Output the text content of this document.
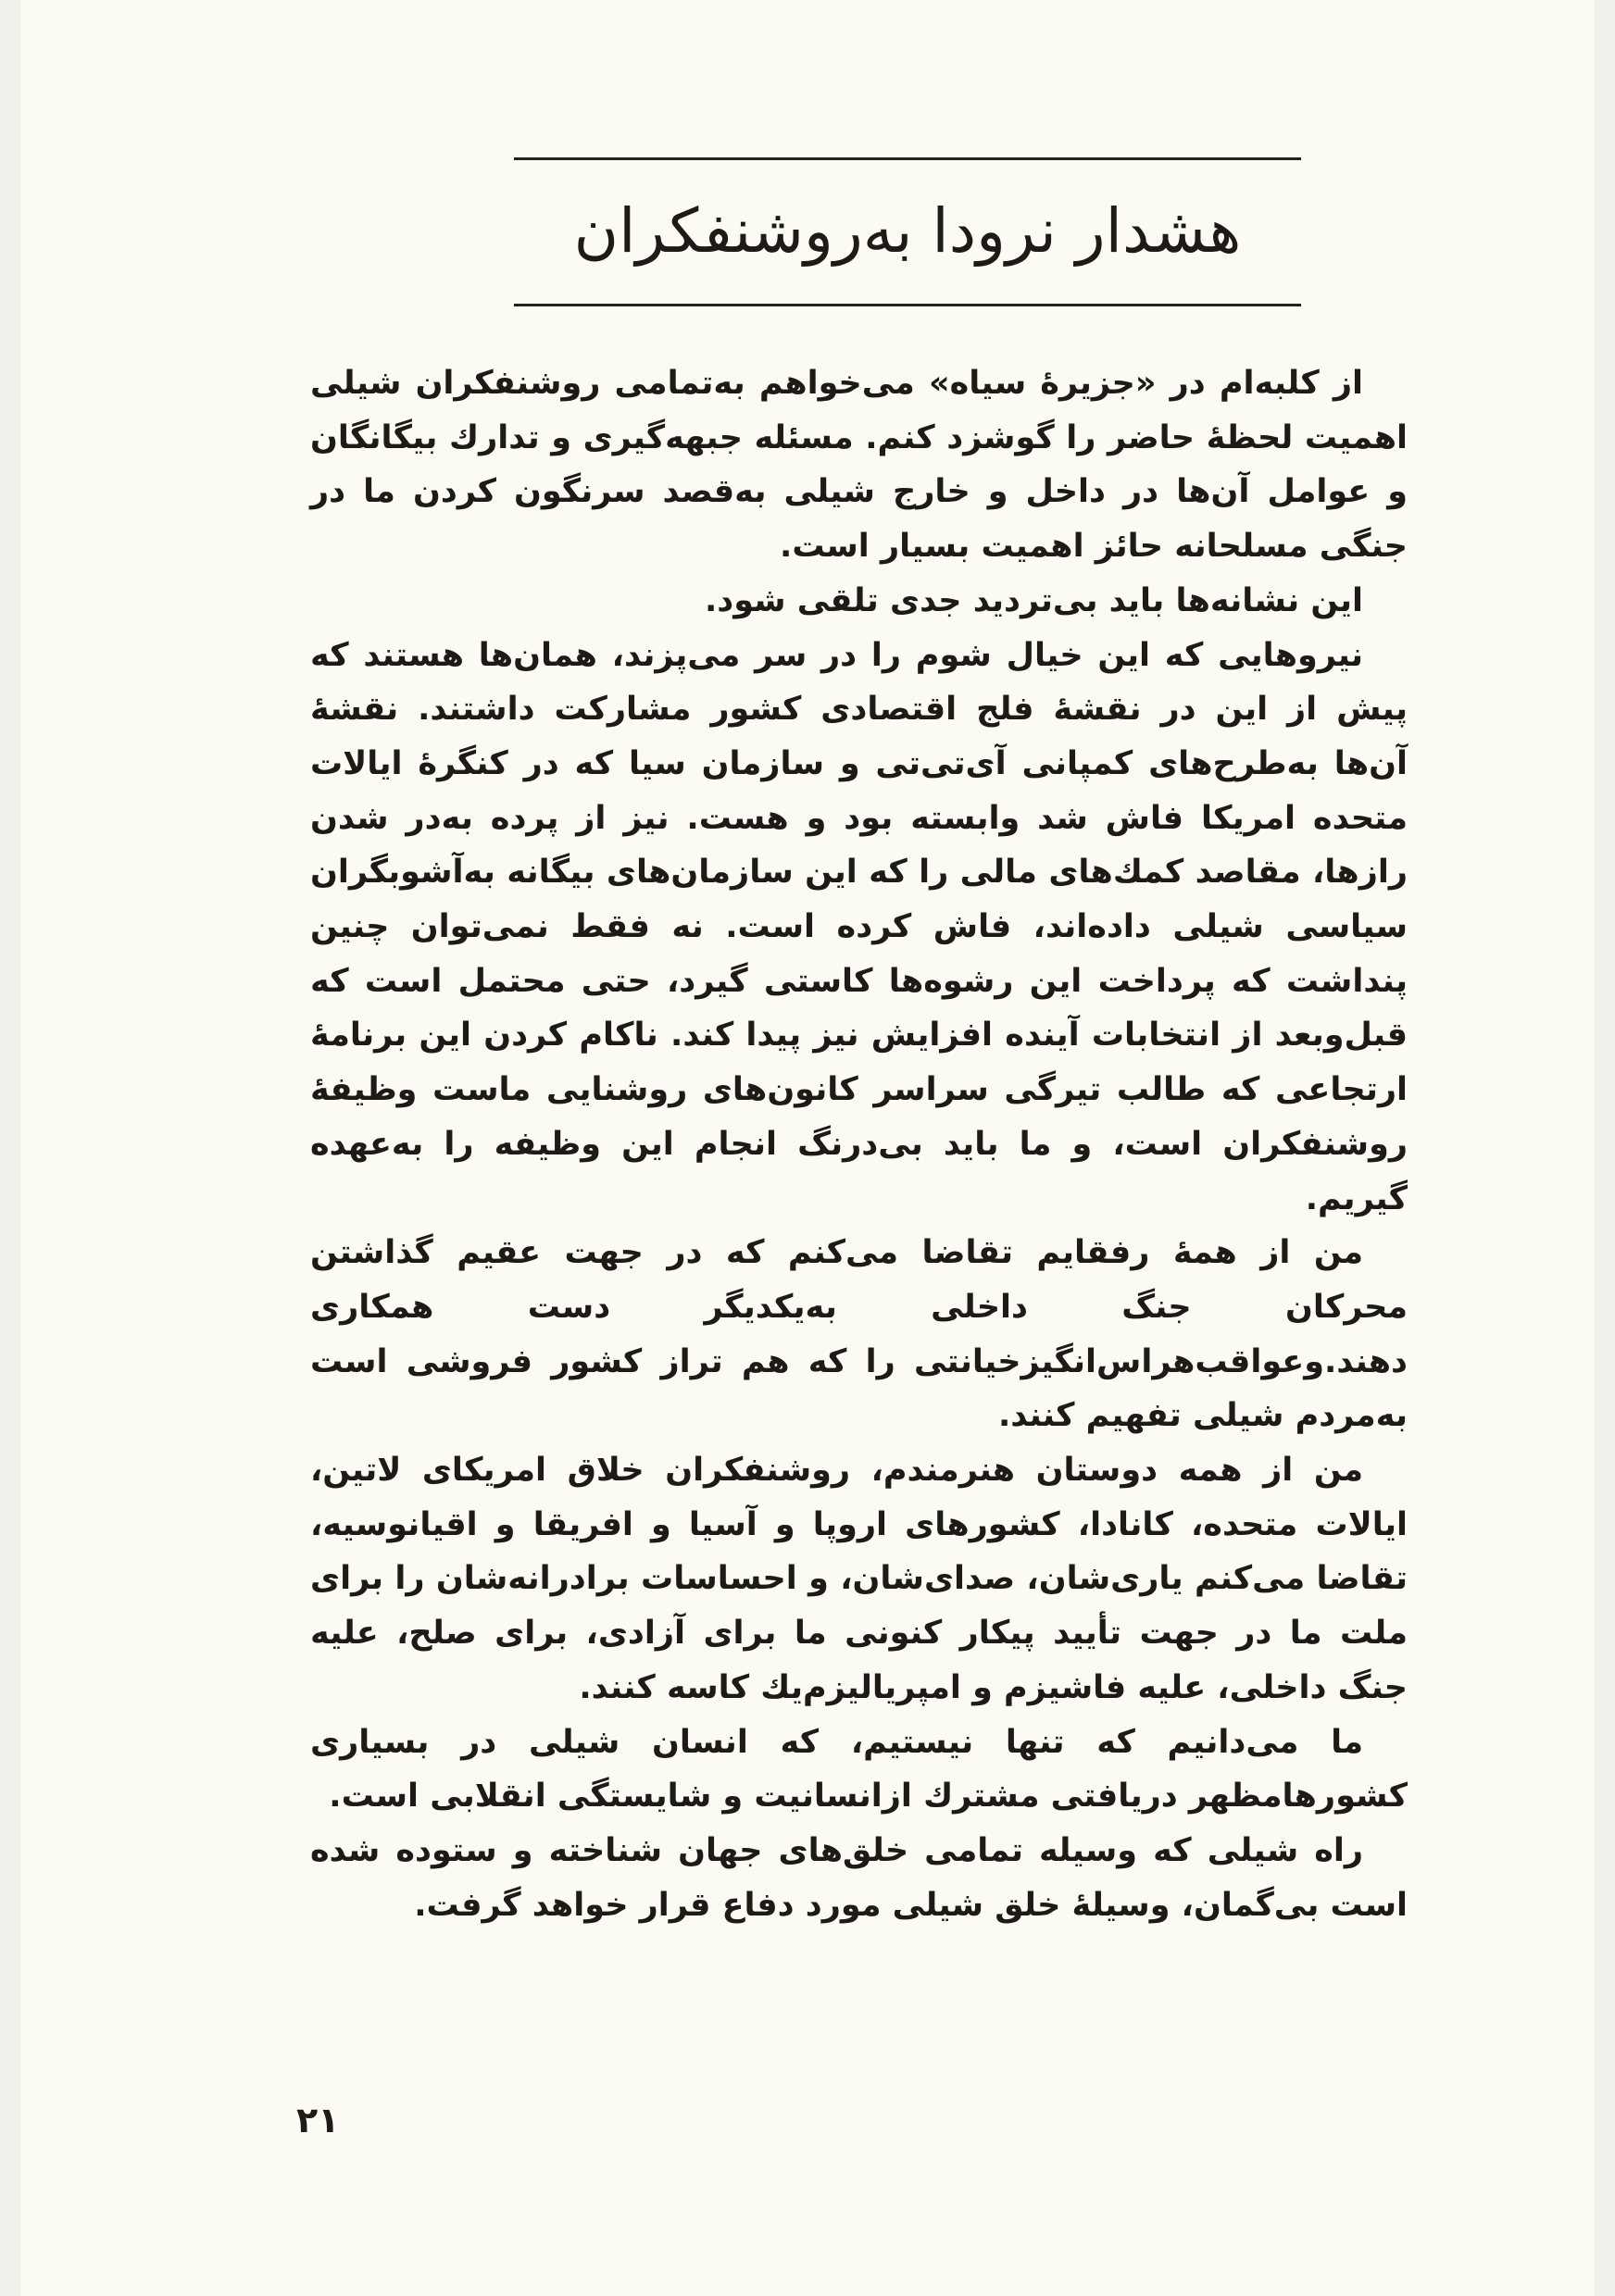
هشدار نرودا به‌روشنفکران

از کلبه‌ام در «جزیرهٔ سیاه» می‌خواهم به‌تمامی روشنفکران شیلی اهمیت لحظهٔ حاضر را گوشزد کنم. مسئله جبهه‌گیری و تدارك بیگانگان و عوامل آن‌ها در داخل و خارج شیلی به‌قصد سرنگون کردن ما در جنگی مسلحانه حائز اهمیت بسیار است.

این نشانه‌ها باید بی‌تردید جدی تلقی شود.

نیروهایی که این خیال شوم را در سر می‌پزند، همان‌ها هستند که پیش از این در نقشهٔ فلج اقتصادی کشور مشارکت داشتند. نقشهٔ آن‌ها به‌طرح‌های کمپانی آی‌تی‌تی و سازمان سیا که در کنگرهٔ ایالات متحده امریکا فاش شد وابسته بود و هست. نیز از پرده به‌در شدن رازها، مقاصد کمك‌های مالی را که این سازمان‌های بیگانه به‌آشوبگران سیاسی شیلی داده‌اند، فاش کرده است. نه فقط نمی‌توان چنین پنداشت که پرداخت این رشوه‌ها کا‌ستی گیرد، حتی محتمل است که قبل‌وبعد از انتخابات آینده افزایش نیز پیدا کند. ناکام کردن این برنامهٔ ارتجاعی که طالب تیرگی سراسر کانون‌های روشنایی ماست وظیفهٔ روشنفکران است، و ما باید بی‌درنگ انجام این وظیفه را به‌عهده گیریم.

من از همهٔ رفقایم تقاضا می‌کنم که در جهت عقیم گذاشتن محرکان جنگ داخلی به‌یکدیگر دست همکاری دهند.وعواقب‌هراس‌انگیزخیانتی را که هم تراز کشور فروشی است به‌مردم شیلی تفهیم کنند.

من از همه دوستان هنرمندم، روشنفکران خلاق امریکای لاتین، ایالات متحده، کانادا، کشورهای اروپا و آسیا و افریقا و اقیانوسیه، تقاضا می‌کنم یاری‌شان، صدای‌شان، و احساسات برادرانه‌شان را برای ملت ما در جهت تأیید پیکار کنونی ما برای آزادی، برای صلح، علیه جنگ داخلی، علیه فاشیزم و امپریالیزم‌یك کاسه کنند.

ما می‌دانیم که تنها نیستیم، که انسان شیلی در بسیاری کشورهامظهر دریافتی مشترك ازانسانیت و شایستگی انقلابی است.

راه شیلی که وسیله تمامی خلق‌های جهان شناخته و ستوده شده است بی‌گمان، وسیلهٔ خلق شیلی مورد دفاع قرار خواهد گرفت.

۲۱
